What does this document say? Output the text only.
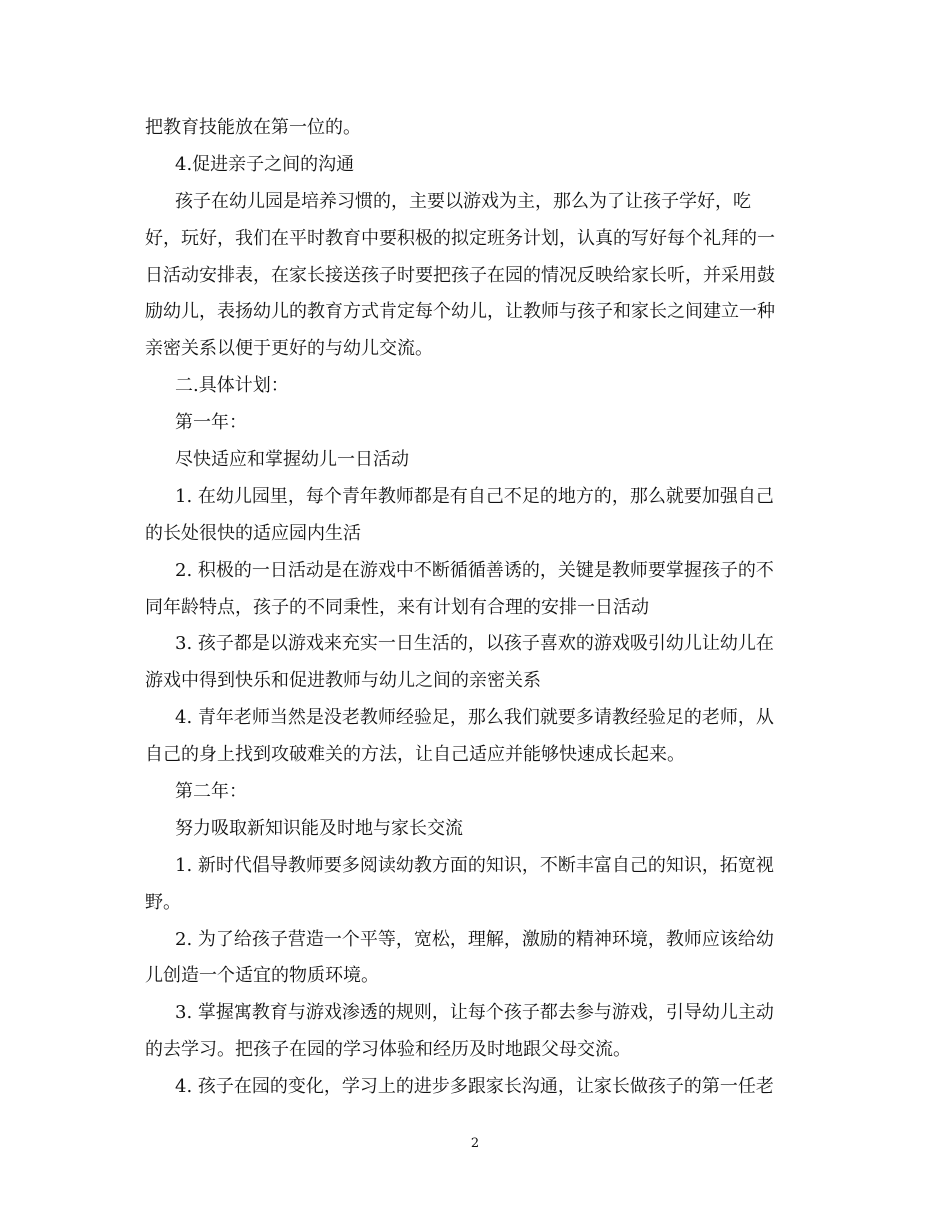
把教育技能放在第一位的。

4.促进亲子之间的沟通

孩子在幼儿园是培养习惯的，主要以游戏为主，那么为了让孩子学好，吃

好，玩好，我们在平时教育中要积极的拟定班务计划，认真的写好每个礼拜的一

日活动安排表，在家长接送孩子时要把孩子在园的情况反映给家长听，并采用鼓

励幼儿，表扬幼儿的教育方式肯定每个幼儿，让教师与孩子和家长之间建立一种

亲密关系以便于更好的与幼儿交流。

二.具体计划：

第一年：

尽快适应和掌握幼儿一日活动

1. 在幼儿园里，每个青年教师都是有自己不足的地方的，那么就要加强自己

的长处很快的适应园内生活

2. 积极的一日活动是在游戏中不断循循善诱的，关键是教师要掌握孩子的不

同年龄特点，孩子的不同秉性，来有计划有合理的安排一日活动

3. 孩子都是以游戏来充实一日生活的，以孩子喜欢的游戏吸引幼儿让幼儿在

游戏中得到快乐和促进教师与幼儿之间的亲密关系

4. 青年老师当然是没老教师经验足，那么我们就要多请教经验足的老师，从

自己的身上找到攻破难关的方法，让自己适应并能够快速成长起来。

第二年：

努力吸取新知识能及时地与家长交流

1. 新时代倡导教师要多阅读幼教方面的知识，不断丰富自己的知识，拓宽视

野。

2. 为了给孩子营造一个平等，宽松，理解，激励的精神环境，教师应该给幼

儿创造一个适宜的物质环境。

3. 掌握寓教育与游戏渗透的规则，让每个孩子都去参与游戏，引导幼儿主动

的去学习。把孩子在园的学习体验和经历及时地跟父母交流。

4. 孩子在园的变化，学习上的进步多跟家长沟通，让家长做孩子的第一任老

2
